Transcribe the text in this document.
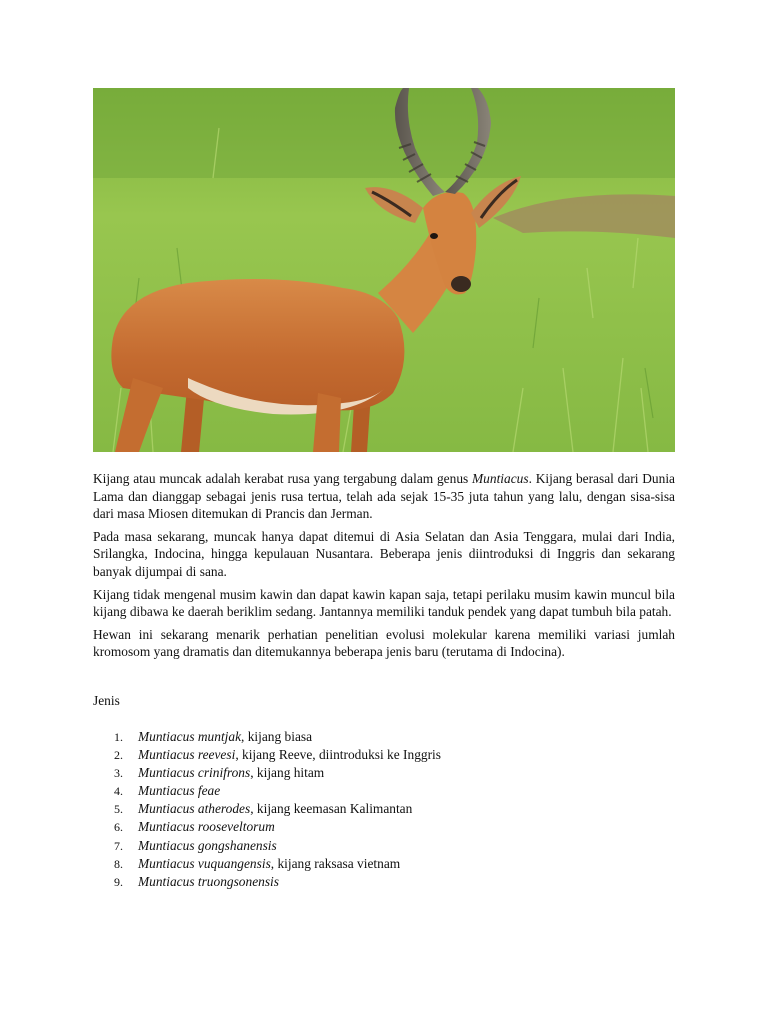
Kijang atau muncak adalah kerabat rusa yang tergabung dalam genus Muntiacus. Kijang berasal dari Dunia Lama dan dianggap sebagai jenis rusa tertua, telah ada sejak 15-35 juta tahun yang lalu, dengan sisa-sisa dari masa Miosen ditemukan di Prancis dan Jerman.

Pada masa sekarang, muncak hanya dapat ditemui di Asia Selatan dan Asia Tenggara, mulai dari India, Srilangka, Indocina, hingga kepulauan Nusantara. Beberapa jenis diintroduksi di Inggris dan sekarang banyak dijumpai di sana.

Kijang tidak mengenal musim kawin dan dapat kawin kapan saja, tetapi perilaku musim kawin muncul bila kijang dibawa ke daerah beriklim sedang. Jantannya memiliki tanduk pendek yang dapat tumbuh bila patah.

Hewan ini sekarang menarik perhatian penelitian evolusi molekular karena memiliki variasi jumlah kromosom yang dramatis dan ditemukannya beberapa jenis baru (terutama di Indocina).

Jenis

Muntiacus muntjak, kijang biasa
Muntiacus reevesi, kijang Reeve, diintroduksi ke Inggris
Muntiacus crinifrons, kijang hitam
Muntiacus feae
Muntiacus atherodes, kijang keemasan Kalimantan
Muntiacus rooseveltorum
Muntiacus gongshanensis
Muntiacus vuquangensis, kijang raksasa vietnam
Muntiacus truongsonensis
